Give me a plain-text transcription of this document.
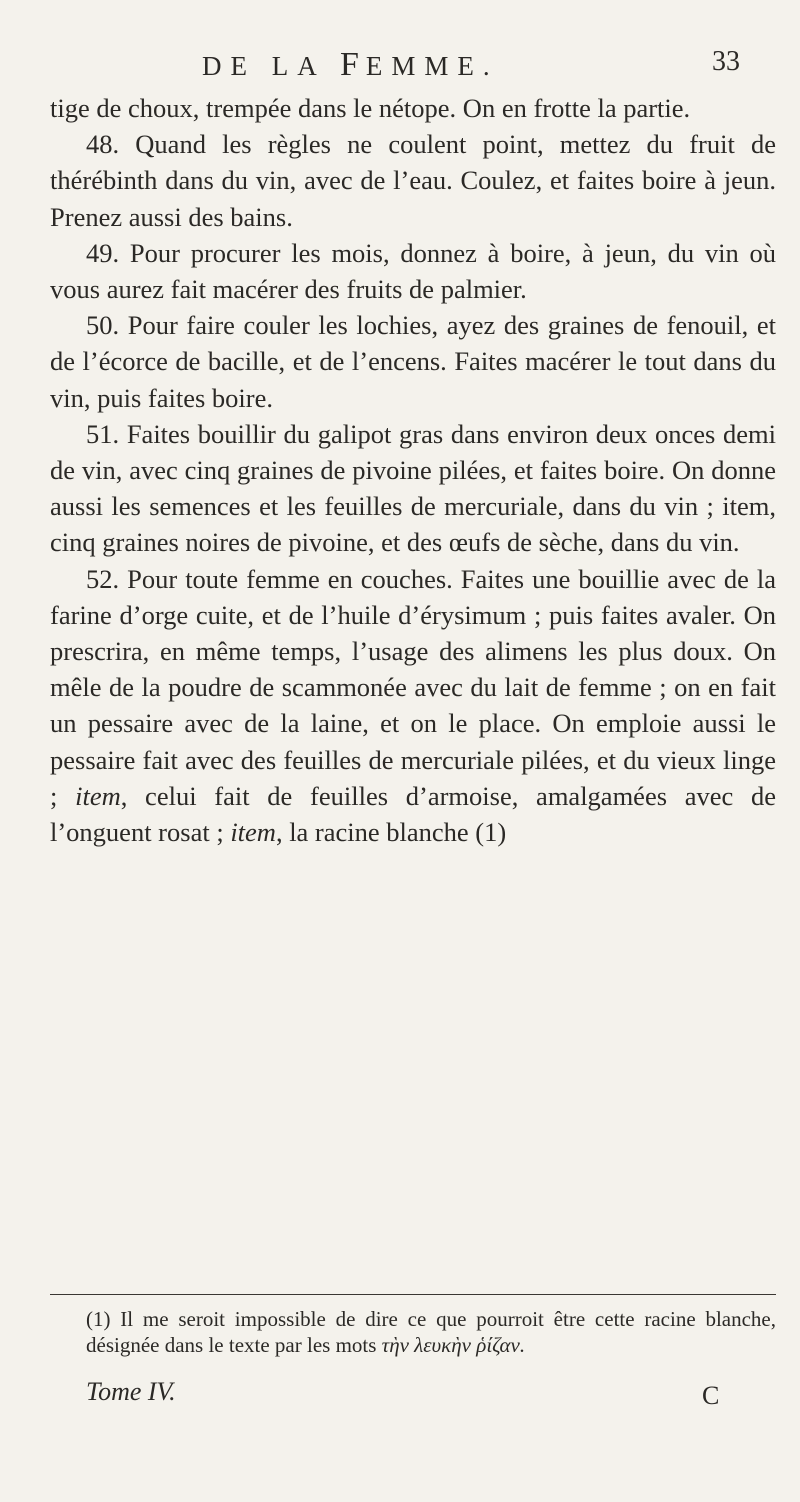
DE LA FEMME.	33

tige de choux, trempée dans le nétope. On en frotte la partie.

48. Quand les règles ne coulent point, mettez du fruit de thérébinth dans du vin, avec de l’eau. Coulez, et faites boire à jeun. Prenez aussi des bains.

49. Pour procurer les mois, donnez à boire, à jeun, du vin où vous aurez fait macérer des fruits de palmier.

50. Pour faire couler les lochies, ayez des graines de fenouil, et de l’écorce de bacille, et de l’encens. Faites macérer le tout dans du vin, puis faites boire.

51. Faites bouillir du galipot gras dans environ deux onces demi de vin, avec cinq graines de pivoine pilées, et faites boire. On donne aussi les semences et les feuilles de mercuriale, dans du vin ; item, cinq graines noires de pivoine, et des œufs de sèche, dans du vin.

52. Pour toute femme en couches. Faites une bouillie avec de la farine d’orge cuite, et de l’huile d’érysimum ; puis faites avaler. On prescrira, en même temps, l’usage des alimens les plus doux. On mêle de la poudre de scammonée avec du lait de femme ; on en fait un pessaire avec de la laine, et on le place. On emploie aussi le pessaire fait avec des feuilles de mercuriale pilées, et du vieux linge ; item, celui fait de feuilles d’armoise, amalgamées avec de l’onguent rosat ; item, la racine blanche (1)

(1) Il me seroit impossible de dire ce que pourroit être cette racine blanche, désignée dans le texte par les mots τὴν λευκὴν ῥίζαν.
Tome IV.	C
